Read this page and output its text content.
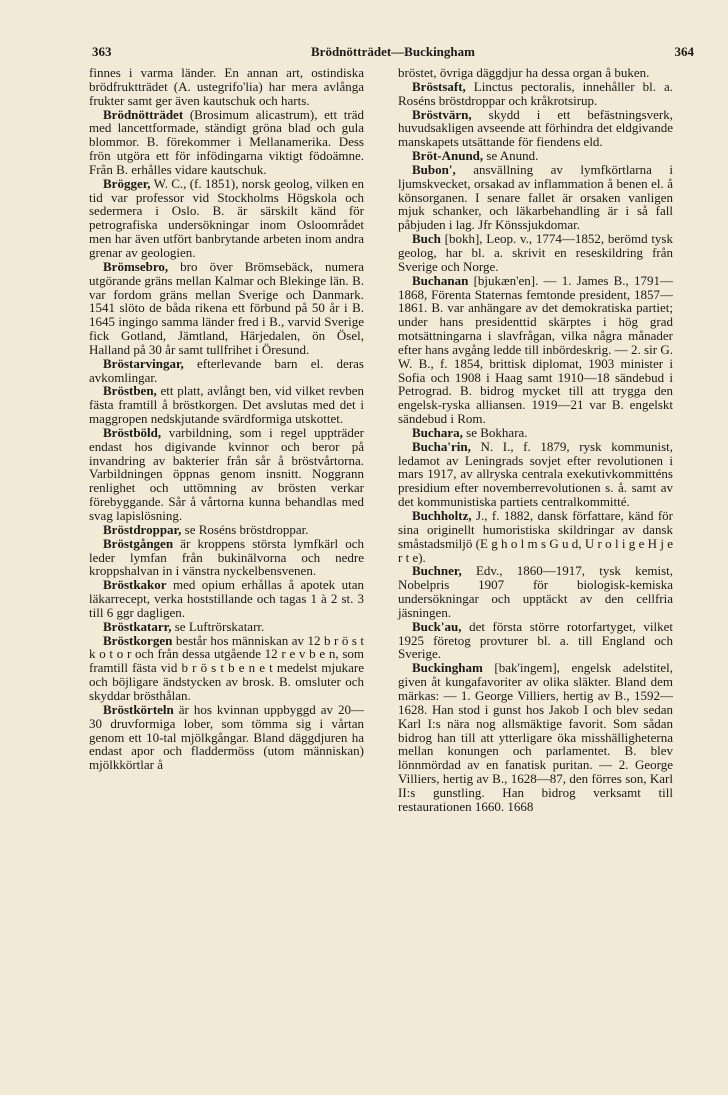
363	Brödnötträdet—Buckingham	364

finnes i varma länder. En annan art, ostindiska brödfruktträdet (A. ustegrifo'lia) har mera avlånga frukter samt ger även kautschuk och harts.

Brödnötträdet (Brosimum alicastrum), ett träd med lancettformade, ständigt gröna blad och gula blommor. B. förekommer i Mellanamerika. Dess frön utgöra ett för infödingarna viktigt födoämne. Från B. erhålles vidare kautschuk.

Brögger, W. C., (f. 1851), norsk geolog, vilken en tid var professor vid Stockholms Högskola och sedermera i Oslo. B. är särskilt känd för petrografiska undersökningar inom Osloområdet men har även utfört banbrytande arbeten inom andra grenar av geologien.

Brömsebro, bro över Brömsebäck, numera utgörande gräns mellan Kalmar och Blekinge län. B. var fordom gräns mellan Sverige och Danmark. 1541 slöto de båda rikena ett förbund på 50 år i B. 1645 ingingo samma länder fred i B., varvid Sverige fick Gotland, Jämtland, Härjedalen, ön Ösel, Halland på 30 år samt tullfrihet i Öresund.

Bröstarvingar, efterlevande barn el. deras avkomlingar.

Bröstben, ett platt, avlångt ben, vid vilket revben fästa framtill å bröstkorgen. Det avslutas med det i maggropen nedskjutande svärdformiga utskottet.

Bröstböld, varbildning, som i regel uppträder endast hos digivande kvinnor och beror på invandring av bakterier från sår å bröstvårtorna. Varbildningen öppnas genom insnitt. Noggrann renlighet och uttömning av brösten verkar förebyggande. Sår å vårtorna kunna behandlas med svag lapislösning.

Bröstdroppar, se Roséns bröstdroppar.

Bröstgången är kroppens största lymfkärl och leder lymfan från bukinälvorna och nedre kroppshalvan in i vänstra nyckelbensvenen.

Bröstkakor med opium erhållas å apotek utan läkarrecept, verka hoststillande och tagas 1 à 2 st. 3 till 6 ggr dagligen.

Bröstkatarr, se Luftrörskatarr.

Bröstkorgen består hos människan av 12 b r ö s t k o t o r och från dessa utgående 12 r e v b e n, som framtill fästa vid b r ö s t b e n e t medelst mjukare och böjligare ändstycken av brosk. B. omsluter och skyddar brösthålan.

Bröstkörteln är hos kvinnan uppbyggd av 20—30 druvformiga lober, som tömma sig i vårtan genom ett 10-tal mjölkgångar. Bland däggdjuren ha endast apor och fladdermöss (utom människan) mjölkkörtlar å

bröstet, övriga däggdjur ha dessa organ å buken.

Bröstsaft, Linctus pectoralis, innehåller bl. a. Roséns bröstdroppar och kråkrotsirup.

Bröstvärn, skydd i ett befästningsverk, huvudsakligen avseende att förhindra det eldgivande manskapets utsättande för fiendens eld.

Bröt-Anund, se Anund.

Bubon', ansvällning av lymfkörtlarna i ljumskvecket, orsakad av inflammation å benen el. å könsorganen. I senare fallet är orsaken vanligen mjuk schanker, och läkarbehandling är i så fall påbjuden i lag. Jfr Könssjukdomar.

Buch [bokh], Leop. v., 1774—1852, berömd tysk geolog, har bl. a. skrivit en reseskildring från Sverige och Norge.

Buchanan [bjukæn'en]. — 1. James B., 1791—1868, Förenta Staternas femtonde president, 1857—1861. B. var anhängare av det demokratiska partiet; under hans presidenttid skärptes i hög grad motsättningarna i slavfrågan, vilka några månader efter hans avgång ledde till inbördeskrig. — 2. sir G. W. B., f. 1854, brittisk diplomat, 1903 minister i Sofia och 1908 i Haag samt 1910—18 sändebud i Petrograd. B. bidrog mycket till att trygga den engelsk-ryska alliansen. 1919—21 var B. engelskt sändebud i Rom.

Buchara, se Bokhara.

Bucha'rin, N. I., f. 1879, rysk kommunist, ledamot av Leningrads sovjet efter revolutionen i mars 1917, av allryska centrala exekutivkommitténs presidium efter novemberrevolutionen s. å. samt av det kommunistiska partiets centralkommitté.

Buchholtz, J., f. 1882, dansk författare, känd för sina originellt humoristiska skildringar av dansk småstadsmiljö (E g h o l m s G u d, U r o l i g e H j e r t e).

Buchner, Edv., 1860—1917, tysk kemist, Nobelpris 1907 för biologisk-kemiska undersökningar och upptäckt av den cellfria jäsningen.

Buck'au, det första större rotorfartyget, vilket 1925 företog provturer bl. a. till England och Sverige.

Buckingham [bak'ingem], engelsk adelstitel, given åt kungafavoriter av olika släkter. Bland dem märkas: — 1. George Villiers, hertig av B., 1592—1628. Han stod i gunst hos Jakob I och blev sedan Karl I:s nära nog allsmäktige favorit. Som sådan bidrog han till att ytterligare öka misshälligheterna mellan konungen och parlamentet. B. blev lönnmördad av en fanatisk puritan. — 2. George Villiers, hertig av B., 1628—87, den förres son, Karl II:s gunstling. Han bidrog verksamt till restaurationen 1660. 1668
